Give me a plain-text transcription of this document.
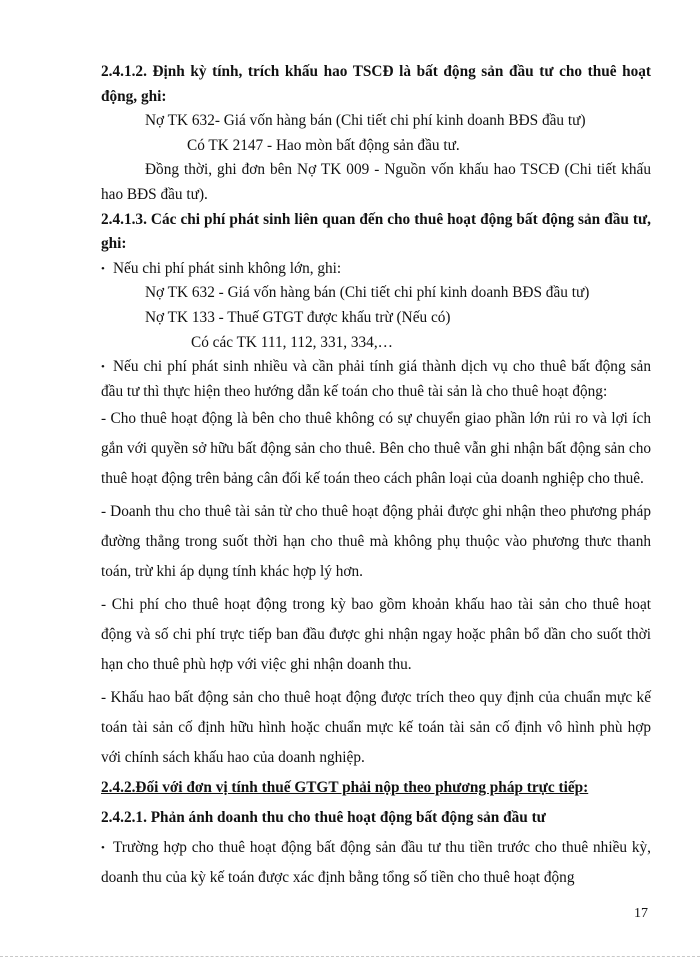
2.4.1.2. Định kỳ tính, trích khấu hao TSCĐ là bất động sản đầu tư cho thuê hoạt động, ghi:

Nợ TK 632- Giá vốn hàng bán (Chi tiết chi phí kinh doanh BĐS đầu tư)

Có TK 2147 - Hao mòn bất động sản đầu tư.

Đồng thời, ghi đơn bên Nợ TK 009 - Nguồn vốn khấu hao TSCĐ (Chi tiết khấu hao BĐS đầu tư).

2.4.1.3. Các chi phí phát sinh liên quan đến cho thuê hoạt động bất động sản đầu tư, ghi:

• Nếu chi phí phát sinh không lớn, ghi:

Nợ TK 632 - Giá vốn hàng bán (Chi tiết chi phí kinh doanh BĐS đầu tư)

Nợ TK 133 - Thuế GTGT được khấu trừ (Nếu có)

Có các TK 111, 112, 331, 334,…

• Nếu chi phí phát sinh nhiều và cần phải tính giá thành dịch vụ cho thuê bất động sản đầu tư thì thực hiện theo hướng dẫn kế toán cho thuê tài sản là cho thuê hoạt động:

- Cho thuê hoạt động là bên cho thuê không có sự chuyển giao phần lớn rủi ro và lợi ích gắn với quyền sở hữu bất động sản cho thuê. Bên cho thuê vẫn ghi nhận bất động sản cho thuê hoạt động trên bảng cân đối kế toán theo cách phân loại của doanh nghiệp cho thuê.

- Doanh thu cho thuê tài sản từ cho thuê hoạt động phải được ghi nhận theo phương pháp đường thẳng trong suốt thời hạn cho thuê mà không phụ thuộc vào phương thưc thanh toán, trừ khi áp dụng tính khác hợp lý hơn.

- Chi phí cho thuê hoạt động trong kỳ bao gồm khoản khấu hao tài sản cho thuê hoạt động và số chi phí trực tiếp ban đầu được ghi nhận ngay hoặc phân bổ dần cho suốt thời hạn cho thuê phù hợp với việc ghi nhận doanh thu.

- Khấu hao bất động sản cho thuê hoạt động được trích theo quy định của chuẩn mực kế toán tài sản cố định hữu hình hoặc chuẩn mực kế toán tài sản cố định vô hình phù hợp với chính sách khấu hao của doanh nghiệp.

2.4.2.Đối với đơn vị tính thuế GTGT phải nộp theo phương pháp trực tiếp:

2.4.2.1. Phản ánh doanh thu cho thuê hoạt động bất động sản đầu tư

• Trường hợp cho thuê hoạt động bất động sản đầu tư thu tiền trước cho thuê nhiều kỳ, doanh thu của kỳ kế toán được xác định bằng tổng số tiền cho thuê hoạt động

17
